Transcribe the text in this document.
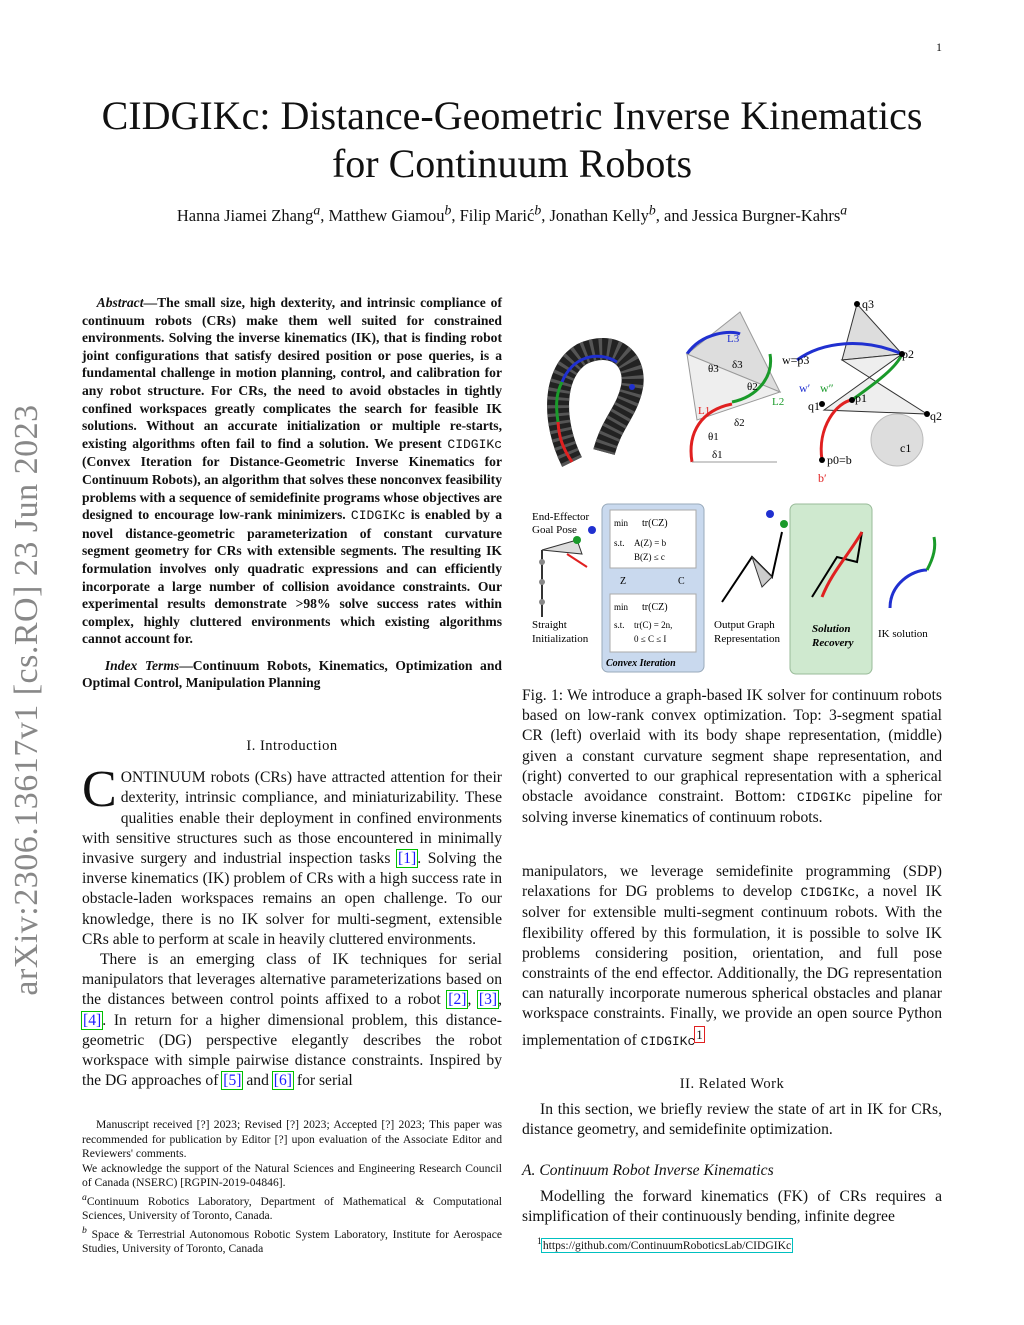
1
CIDGIKc: Distance-Geometric Inverse Kinematics
for Continuum Robots
Hanna Jiamei Zhang$^a$, Matthew Giamou$^b$, Filip Marić$^b$, Jonathan Kelly$^b$, and Jessica Burgner-Kahrs$^a$
arXiv:2306.13617v1 [cs.RO] 23 Jun 2023

Abstract—The small size, high dexterity, and intrinsic compliance of continuum robots (CRs) make them well suited for constrained environments. Solving the inverse kinematics (IK), that is finding robot joint configurations that satisfy desired position or pose queries, is a fundamental challenge in motion planning, control, and calibration for any robot structure. For CRs, the need to avoid obstacles in tightly confined workspaces greatly complicates the search for feasible IK solutions. Without an accurate initialization or multiple re-starts, existing algorithms often fail to find a solution. We present CIDGIKc (Convex Iteration for Distance-Geometric Inverse Kinematics for Continuum Robots), an algorithm that solves these nonconvex feasibility problems with a sequence of semidefinite programs whose objectives are designed to encourage low-rank minimizers. CIDGIKc is enabled by a novel distance-geometric parameterization of constant curvature segment geometry for CRs with extensible segments. The resulting IK formulation involves only quadratic expressions and can efficiently incorporate a large number of collision avoidance constraints. Our experimental results demonstrate >98% solve success rates within complex, highly cluttered environments which existing algorithms cannot account for.

Index Terms—Continuum Robots, Kinematics, Optimization and Optimal Control, Manipulation Planning

I. Introduction

CONTINUUM robots (CRs) have attracted attention for their dexterity, intrinsic compliance, and miniaturizability. These qualities enable their deployment in confined environments with sensitive structures such as those encountered in minimally invasive surgery and industrial inspection tasks [1]. Solving the inverse kinematics (IK) problem of CRs with a high success rate in obstacle-laden workspaces remains an open challenge. To our knowledge, there is no IK solver for multi-segment, extensible CRs able to perform at scale in heavily cluttered environments.

There is an emerging class of IK techniques for serial manipulators that leverages alternative parameterizations based on the distances between control points affixed to a robot [2], [3], [4]. In return for a higher dimensional problem, this distance-geometric (DG) perspective elegantly describes the robot workspace with simple pairwise distance constraints. Inspired by the DG approaches of [5] and [6] for serial

Manuscript received [?] 2023; Revised [?] 2023; Accepted [?] 2023; This paper was recommended for publication by Editor [?] upon evaluation of the Associate Editor and Reviewers' comments.

We acknowledge the support of the Natural Sciences and Engineering Research Council of Canada (NSERC) [RGPIN-2019-04846].

$^a$Continuum Robotics Laboratory, Department of Mathematical & Computational Sciences, University of Toronto, Canada.

$^b$ Space & Terrestrial Autonomous Robotic System Laboratory, Institute for Aerospace Studies, University of Toronto, Canada

L3
θ3 δ3
θ2
L2
L1
δ2
θ1
δ1
q3
p2
w=p3
w′ w″
q1
p1
q2
c1
p0=b
b′
End-Effector
Goal Pose
Straight
Initialization
min tr(CZ)
s.t. A(Z) = b
B(Z) ≤ c
Z	C
min tr(CZ)
s.t. tr(C) = 2n,
0 ≤ C ≤ I
Convex Iteration
Output Graph
Representation
Solution
Recovery
IK solution
Fig. 1: We introduce a graph-based IK solver for continuum robots based on low-rank convex optimization. Top: 3-segment spatial CR (left) overlaid with its body shape representation, (middle) given a constant curvature segment shape representation, and (right) converted to our graphical representation with a spherical obstacle avoidance constraint. Bottom: CIDGIKc pipeline for solving inverse kinematics of continuum robots.

manipulators, we leverage semidefinite programming (SDP) relaxations for DG problems to develop CIDGIKc, a novel IK solver for extensible multi-segment continuum robots. With the flexibility offered by this formulation, it is possible to solve IK problems considering position, orientation, and full pose constraints of the end effector. Additionally, the DG representation can naturally incorporate numerous spherical obstacles and planar workspace constraints. Finally, we provide an open source Python implementation of CIDGIKc$^1$

II. Related Work

In this section, we briefly review the state of art in IK for CRs, distance geometry, and semidefinite optimization.

A. Continuum Robot Inverse Kinematics

Modelling the forward kinematics (FK) of CRs requires a simplification of their continuously bending, infinite degree

$^1$https://github.com/ContinuumRoboticsLab/CIDGIKc
